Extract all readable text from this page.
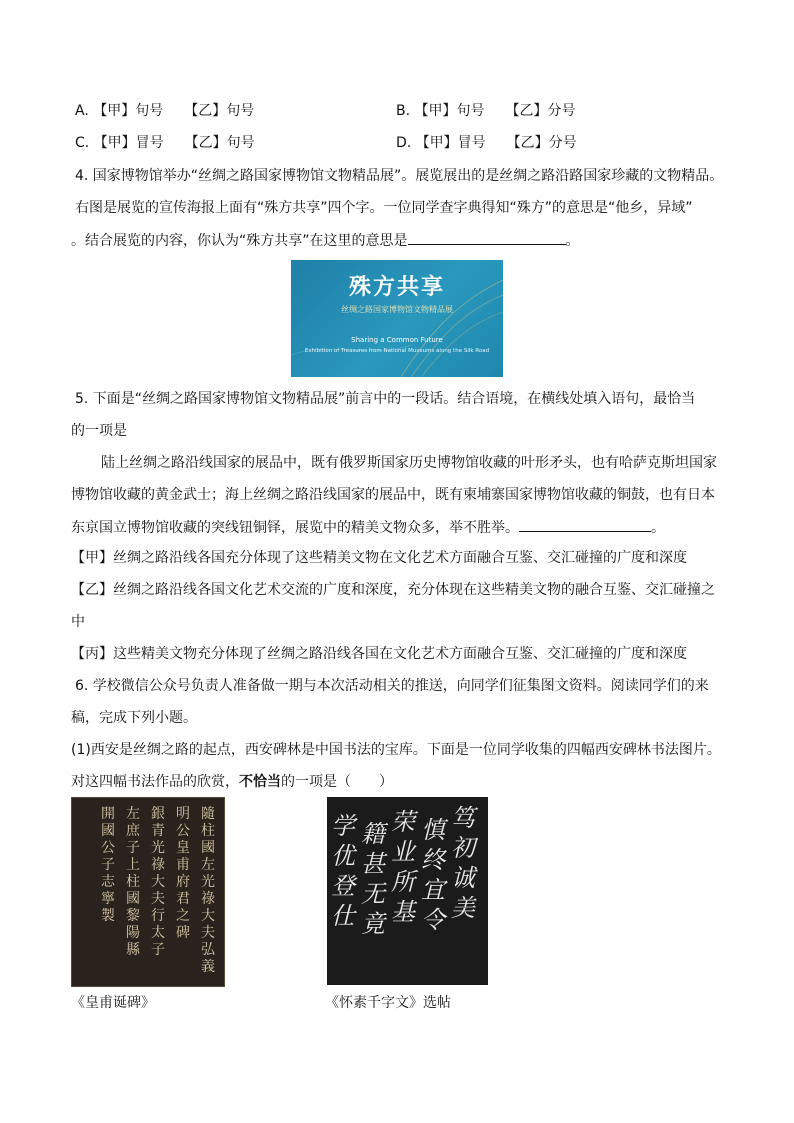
A. 【甲】句号　　【乙】句号	B. 【甲】句号　　【乙】分号
C. 【甲】冒号　　【乙】句号	D. 【甲】冒号　　【乙】分号
4. 国家博物馆举办“丝绸之路国家博物馆文物精品展”。展览展出的是丝绸之路沿路国家珍藏的文物精品。
右图是展览的宣传海报上面有“殊方共享”四个字。一位同学查字典得知“殊方”的意思是“他乡，异域”
。结合展览的内容，你认为“殊方共享”在这里的意思是	。
殊方共享
丝绸之路国家博物馆文物精品展
Sharing a Common Future
Exhibition of Treasures from National Museums along the Silk Road
5. 下面是“丝绸之路国家博物馆文物精品展”前言中的一段话。结合语境，在横线处填入语句，最恰当
的一项是
陆上丝绸之路沿线国家的展品中，既有俄罗斯国家历史博物馆收藏的叶形矛头，也有哈萨克斯坦国家
博物馆收藏的黄金武士；海上丝绸之路沿线国家的展品中，既有柬埔寨国家博物馆收藏的铜鼓，也有日本
东京国立博物馆收藏的突线钮铜铎，展览中的精美文物众多，举不胜举。	。
【甲】丝绸之路沿线各国充分体现了这些精美文物在文化艺术方面融合互鉴、交汇碰撞的广度和深度
【乙】丝绸之路沿线各国文化艺术交流的广度和深度，充分体现在这些精美文物的融合互鉴、交汇碰撞之
中
【丙】这些精美文物充分体现了丝绸之路沿线各国在文化艺术方面融合互鉴、交汇碰撞的广度和深度
6. 学校微信公众号负责人准备做一期与本次活动相关的推送，向同学们征集图文资料。阅读同学们的来
稿，完成下列小题。
(1)西安是丝绸之路的起点，西安碑林是中国书法的宝库。下面是一位同学收集的四幅西安碑林书法图片。
对这四幅书法作品的欣赏，不恰当的一项是（　　）
隨柱國左光祿大夫弘義
明公皇甫府君之碑
銀青光祿大夫行太子
左庶子上柱國黎陽縣
開國公子志寧製
笃初诚美
慎终宜令
荣业所基
籍甚无竟
学优登仕
《皇甫诞碑》	《怀素千字文》选帖
